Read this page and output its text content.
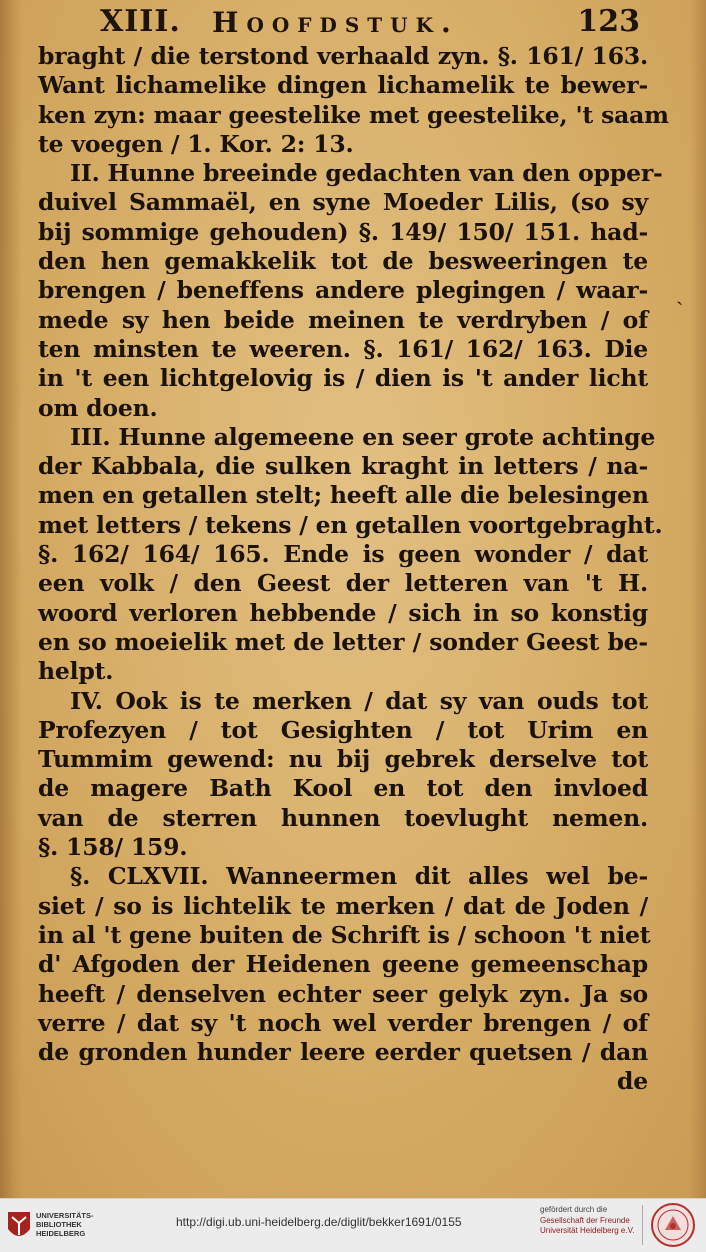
XIII. Hoofdstuk.	123
braght / die terstond verhaald zyn. §. 161/ 163.
Want lichamelike dingen lichamelik te bewer-
ken zyn: maar geestelike met geestelike, 't saam
te voegen / 1. Kor. 2: 13.
II. Hunne breeinde gedachten van den opper-
duivel Sammaël, en syne Moeder Lilis, (so sy
bij sommige gehouden) §. 149/ 150/ 151. had-
den hen gemakkelik tot de besweeringen te
brengen / beneffens andere plegingen / waar-
mede sy hen beide meinen te verdryben / of
ten minsten te weeren. §. 161/ 162/ 163. Die
in 't een lichtgelovig is / dien is 't ander licht
om doen.
III. Hunne algemeene en seer grote achtinge
der Kabbala, die sulken kraght in letters / na-
men en getallen stelt; heeft alle die belesingen
met letters / tekens / en getallen voortgebraght.
§. 162/ 164/ 165. Ende is geen wonder / dat
een volk / den Geest der letteren van 't H.
woord verloren hebbende / sich in so konstig
en so moeielik met de letter / sonder Geest be-
helpt.
IV. Ook is te merken / dat sy van ouds tot
Profezyen / tot Gesighten / tot Urim en
Tummim gewend: nu bij gebrek derselve tot
de magere Bath Kool en tot den invloed
van de sterren hunnen toevlught nemen.
§. 158/ 159.
§. CLXVII. Wanneermen dit alles wel be-
siet / so is lichtelik te merken / dat de Joden /
in al 't gene buiten de Schrift is / schoon 't niet
d' Afgoden der Heidenen geene gemeenschap
heeft / denselven echter seer gelyk zyn. Ja so
verre / dat sy 't noch wel verder brengen / of
de gronden hunder leere eerder quetsen / dan
de
ˎ
UNIVERSITÄTS-
BIBLIOTHEK
HEIDELBERG
http://digi.ub.uni-heidelberg.de/diglit/bekker1691/0155
gefördert durch die
Gesellschaft der Freunde
Universität Heidelberg e.V.
